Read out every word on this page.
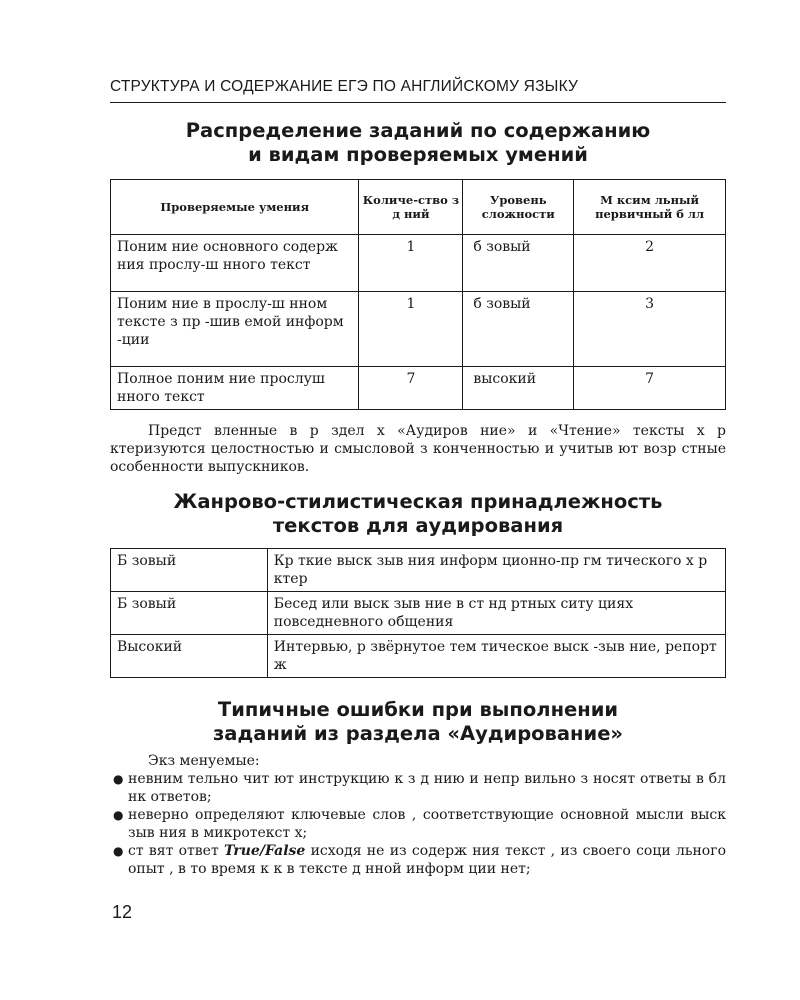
СТРУКТУРА И СОДЕРЖАНИЕ ЕГЭ ПО АНГЛИЙСКОМУ ЯЗЫКУ
Распределение заданий по содержанию
и видам проверяемых умений
Проверяемые умения	Количе-ство з д ний	Уровень сложности	М ксим льный первичный б лл
Поним ние основного содерж ния прослу-ш нного текст	1	б зовый	2
Поним ние в прослу-ш нном тексте з пр -шив емой информ -ции	1	б зовый	3
Полное поним ние прослуш нного текст	7	высокий	7

Предст вленные в р здел х «Аудиров ние» и «Чтение» тексты х р ктеризуются целостностью и смысловой з конченностью и учитыв ют возр стные особенности выпускников.

Жанрово-стилистическая принадлежность
текстов для аудирования
Б зовый	Кр ткие выск зыв ния информ ционно-пр гм тического х р ктер
Б зовый	Бесед или выск зыв ние в ст нд ртных ситу циях повседневного общения
Высокий	Интервью, р звёрнутое тем тическое выск -зыв ние, репорт ж
Типичные ошибки при выполнении
заданий из раздела «Аудирование»

Экз менуемые:

● невним тельно чит ют инструкцию к з д нию и непр вильно з носят ответы в бл нк ответов;
● неверно определяют ключевые слов , соответствующие основной мысли выск зыв ния в микротекст х;
● ст вят ответ True/False исходя не из содерж ния текст , из своего соци льного опыт , в то время к к в тексте д нной информ ции нет;
12
